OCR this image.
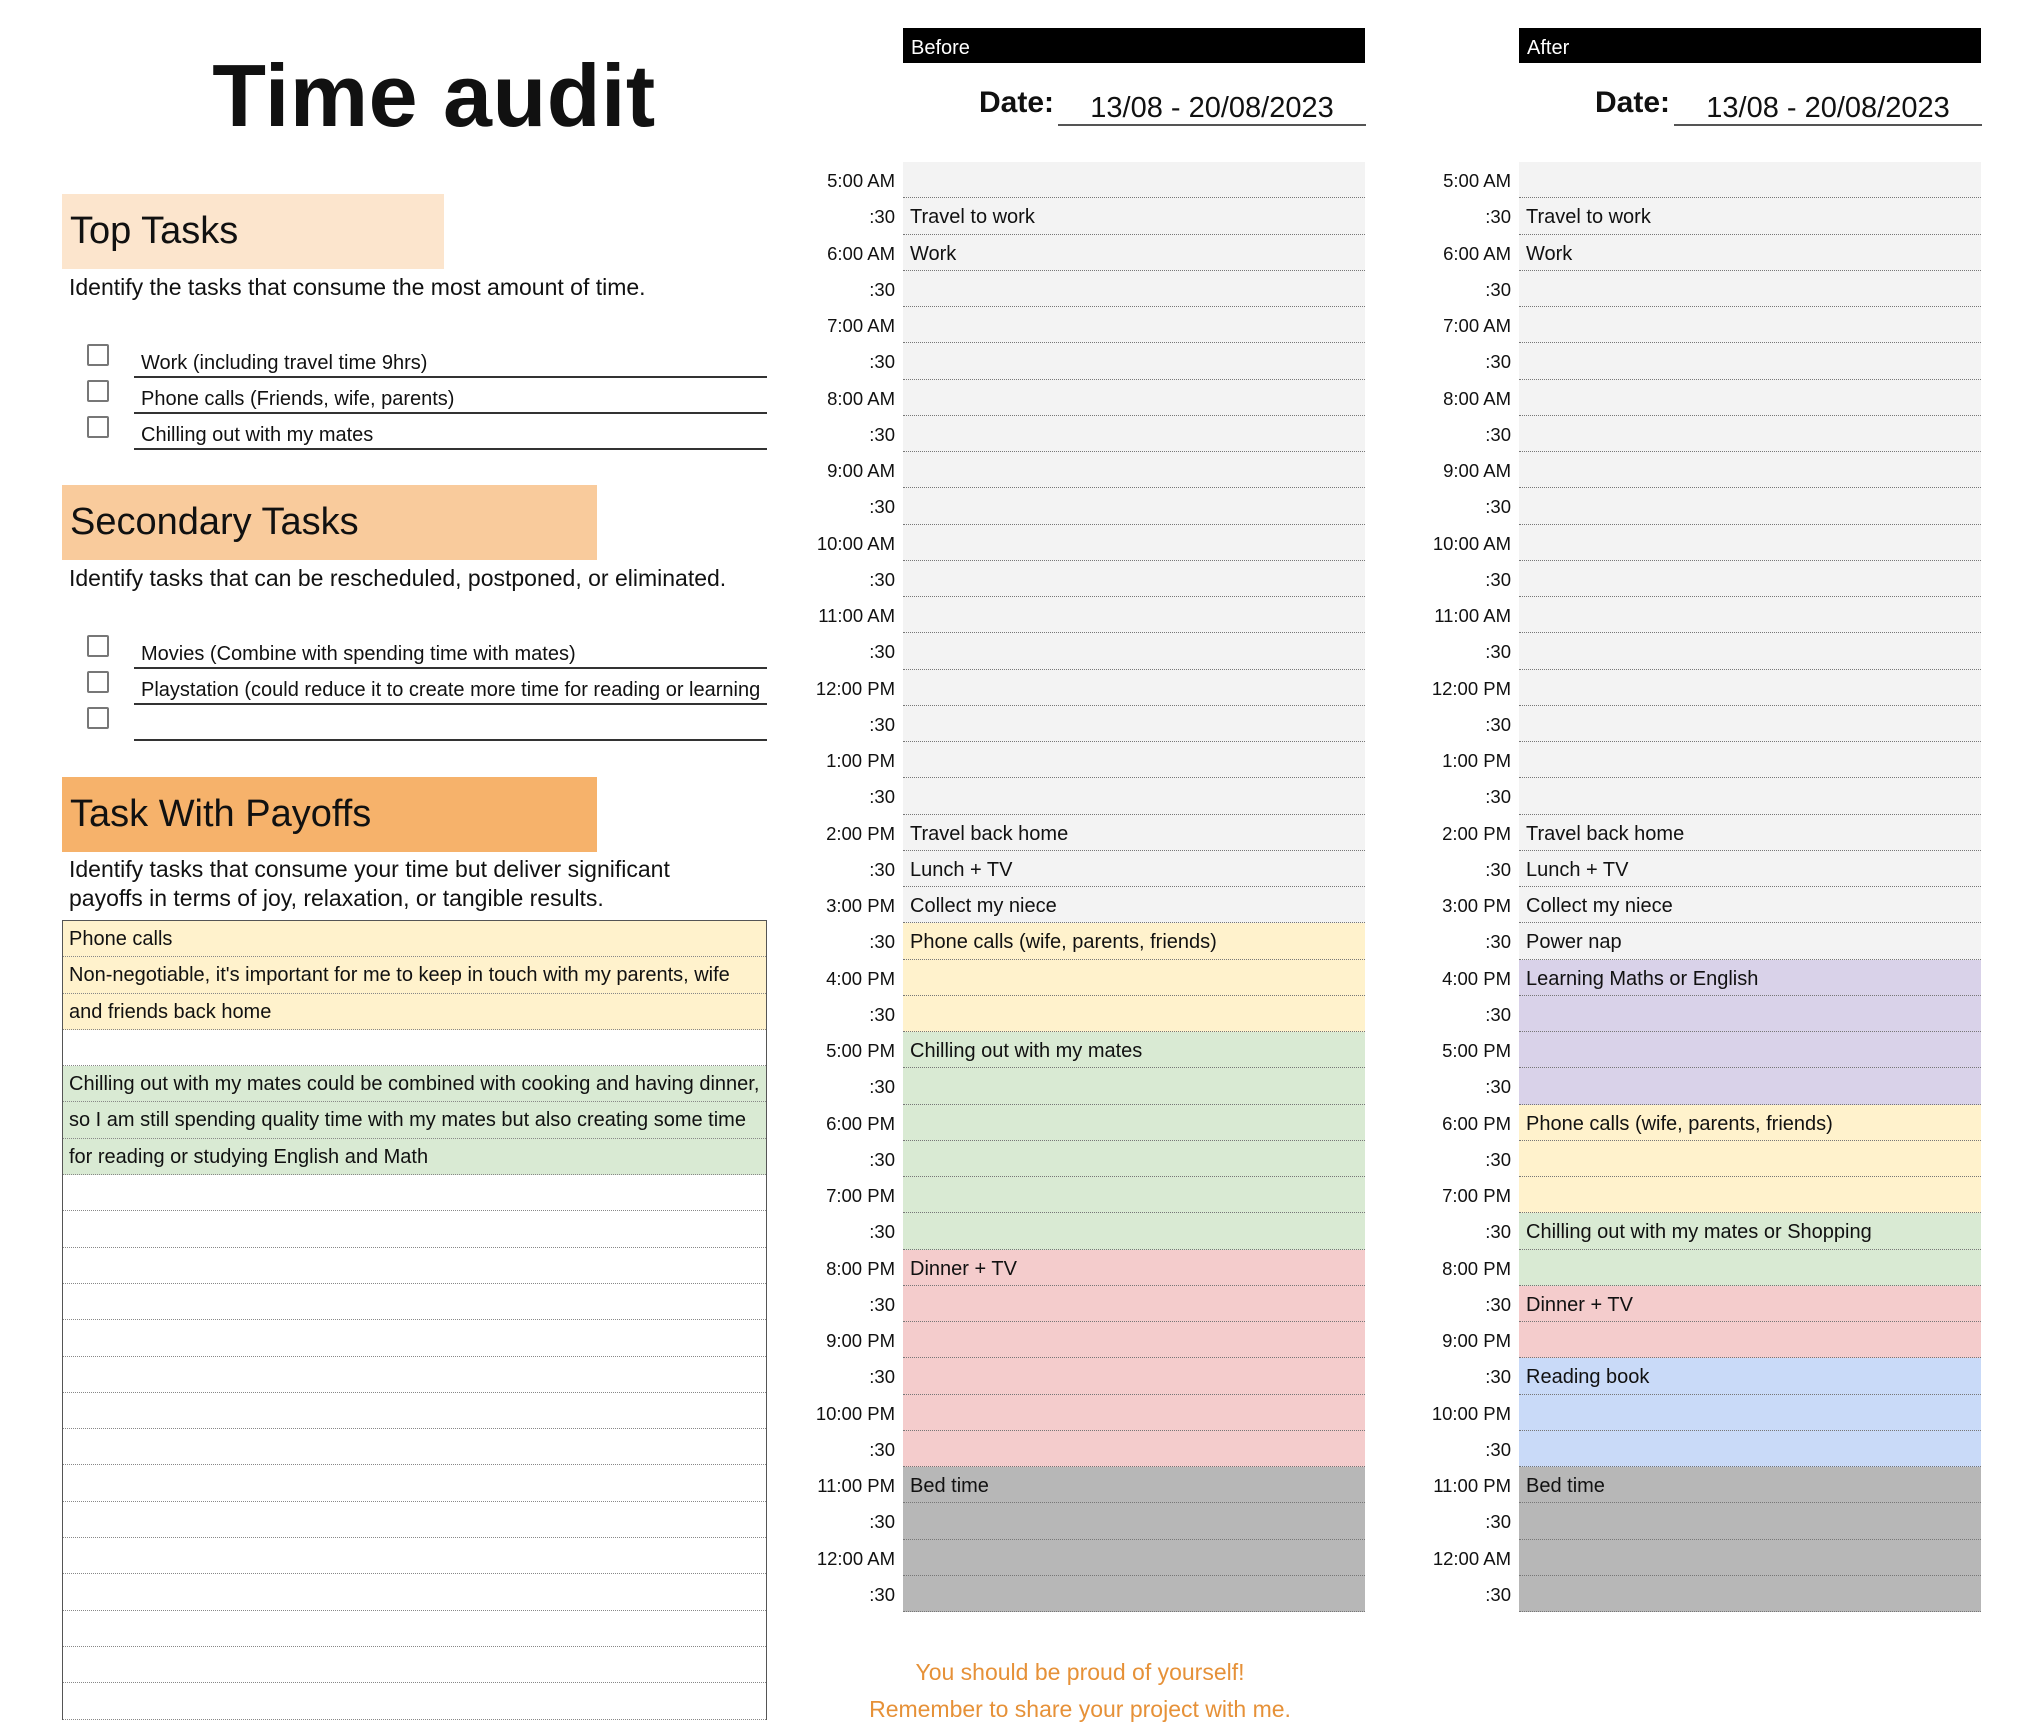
Time audit
Top Tasks
Identify the tasks that consume the most amount of time.
Work (including travel time 9hrs)
Phone calls (Friends, wife, parents)
Chilling out with my mates
Secondary Tasks
Identify tasks that can be rescheduled, postponed, or eliminated.
Movies (Combine with spending time with mates)
Playstation (could reduce it to create more time for reading or learning
Task With Payoffs
Identify tasks that consume your time but deliver significant
payoffs in terms of joy, relaxation, or tangible results.
Phone calls
Non-negotiable, it's important for me to keep in touch with my parents, wife
and friends back home
Chilling out with my mates could be combined with cooking and having dinner,
so I am still spending quality time with my mates but also creating some time
for reading or studying English and Math
Before
Date:	13/08 - 20/08/2023
5:00 AM
:30 Travel to work
6:00 AM Work
:30
7:00 AM
:30
8:00 AM
:30
9:00 AM
:30
10:00 AM
:30
11:00 AM
:30
12:00 PM
:30
1:00 PM
:30
2:00 PM Travel back home
:30 Lunch + TV
3:00 PM Collect my niece
:30 Phone calls (wife, parents, friends)
4:00 PM
:30
5:00 PM Chilling out with my mates
:30
6:00 PM
:30
7:00 PM
:30
8:00 PM Dinner + TV
:30
9:00 PM
:30
10:00 PM
:30
11:00 PM Bed time
:30
12:00 AM
:30
After
Date:	13/08 - 20/08/2023
5:00 AM
:30 Travel to work
6:00 AM Work
:30
7:00 AM
:30
8:00 AM
:30
9:00 AM
:30
10:00 AM
:30
11:00 AM
:30
12:00 PM
:30
1:00 PM
:30
2:00 PM Travel back home
:30 Lunch + TV
3:00 PM Collect my niece
:30 Power nap
4:00 PM Learning Maths or English
:30
5:00 PM
:30
6:00 PM Phone calls (wife, parents, friends)
:30
7:00 PM
:30 Chilling out with my mates or Shopping
8:00 PM
:30 Dinner + TV
9:00 PM
:30 Reading book
10:00 PM
:30
11:00 PM Bed time
:30
12:00 AM
:30
You should be proud of yourself!
Remember to share your project with me.
